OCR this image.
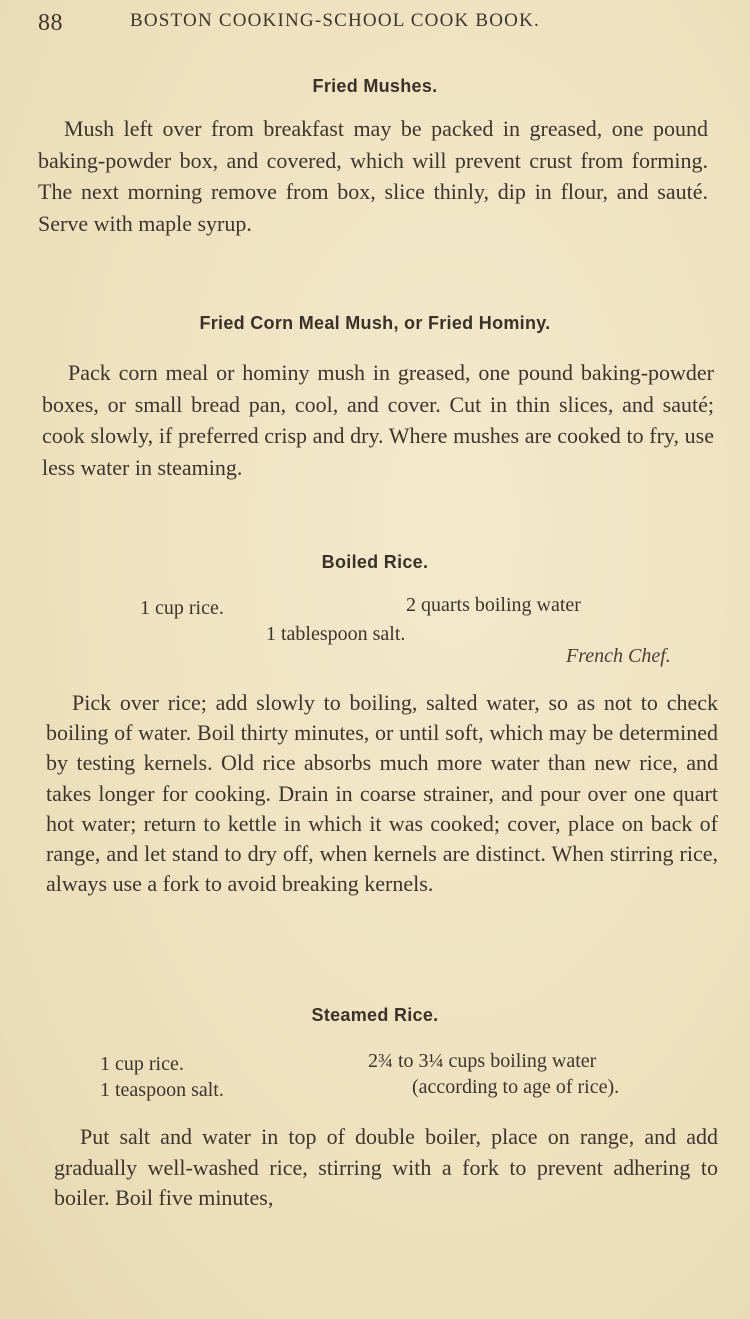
88	BOSTON COOKING-SCHOOL COOK BOOK.
Fried Mushes.

Mush left over from breakfast may be packed in greased, one pound baking-powder box, and covered, which will prevent crust from forming. The next morning remove from box, slice thinly, dip in flour, and sauté. Serve with maple syrup.

Fried Corn Meal Mush, or Fried Hominy.

Pack corn meal or hominy mush in greased, one pound baking-powder boxes, or small bread pan, cool, and cover. Cut in thin slices, and sauté; cook slowly, if preferred crisp and dry. Where mushes are cooked to fry, use less water in steaming.

Boiled Rice.
1 cup rice.	2 quarts boiling water
1 tablespoon salt.
French Chef.

Pick over rice; add slowly to boiling, salted water, so as not to check boiling of water. Boil thirty minutes, or until soft, which may be determined by testing kernels. Old rice absorbs much more water than new rice, and takes longer for cooking. Drain in coarse strainer, and pour over one quart hot water; return to kettle in which it was cooked; cover, place on back of range, and let stand to dry off, when kernels are distinct. When stirring rice, always use a fork to avoid breaking kernels.

Steamed Rice.
1 cup rice.	2¾ to 3¼ cups boiling water
1 teaspoon salt.	(according to age of rice).

Put salt and water in top of double boiler, place on range, and add gradually well-washed rice, stirring with a fork to prevent adhering to boiler. Boil five minutes,
